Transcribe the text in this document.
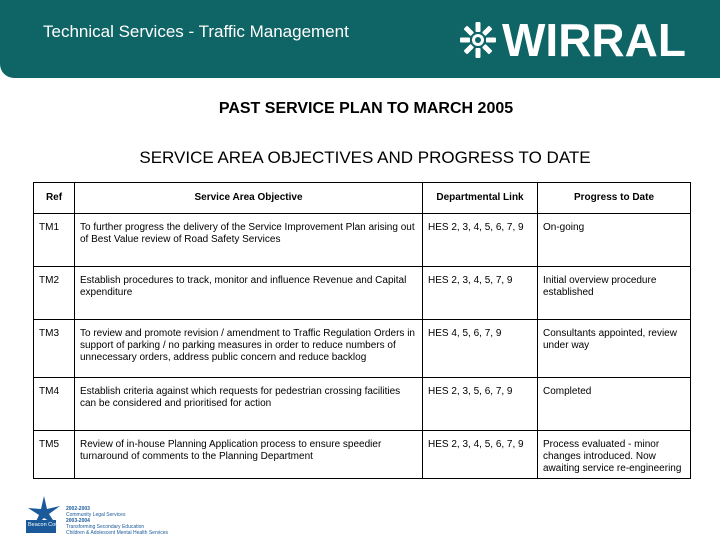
Technical Services - Traffic Management	WIRRAL
PAST SERVICE PLAN TO MARCH 2005
SERVICE AREA OBJECTIVES AND PROGRESS TO DATE
Ref	Service Area Objective	Departmental Link	Progress to Date
TM1	To further progress the delivery of the Service Improvement Plan arising out of Best Value review of Road Safety Services	HES 2, 3, 4, 5, 6, 7, 9	On-going
TM2	Establish procedures to track, monitor and influence Revenue and Capital expenditure	HES 2, 3, 4, 5, 7, 9	Initial overview procedure established
TM3	To review and promote revision / amendment to Traffic Regulation Orders in support of parking / no parking measures in order to reduce numbers of unnecessary orders, address public concern and reduce backlog	HES 4, 5, 6, 7, 9	Consultants appointed, review under way
TM4	Establish criteria against which requests for pedestrian crossing facilities can be considered and prioritised for action	HES 2, 3, 5, 6, 7, 9	Completed
TM5	Review of in-house Planning Application process to ensure speedier turnaround of comments to the Planning Department	HES 2, 3, 4, 5, 6, 7, 9	Process evaluated - minor changes introduced. Now awaiting service re-engineering
Beacon Council
2002-2003
Community Legal Services
2003-2004
Transforming Secondary Education
Children & Adolescent Mental Health Services
